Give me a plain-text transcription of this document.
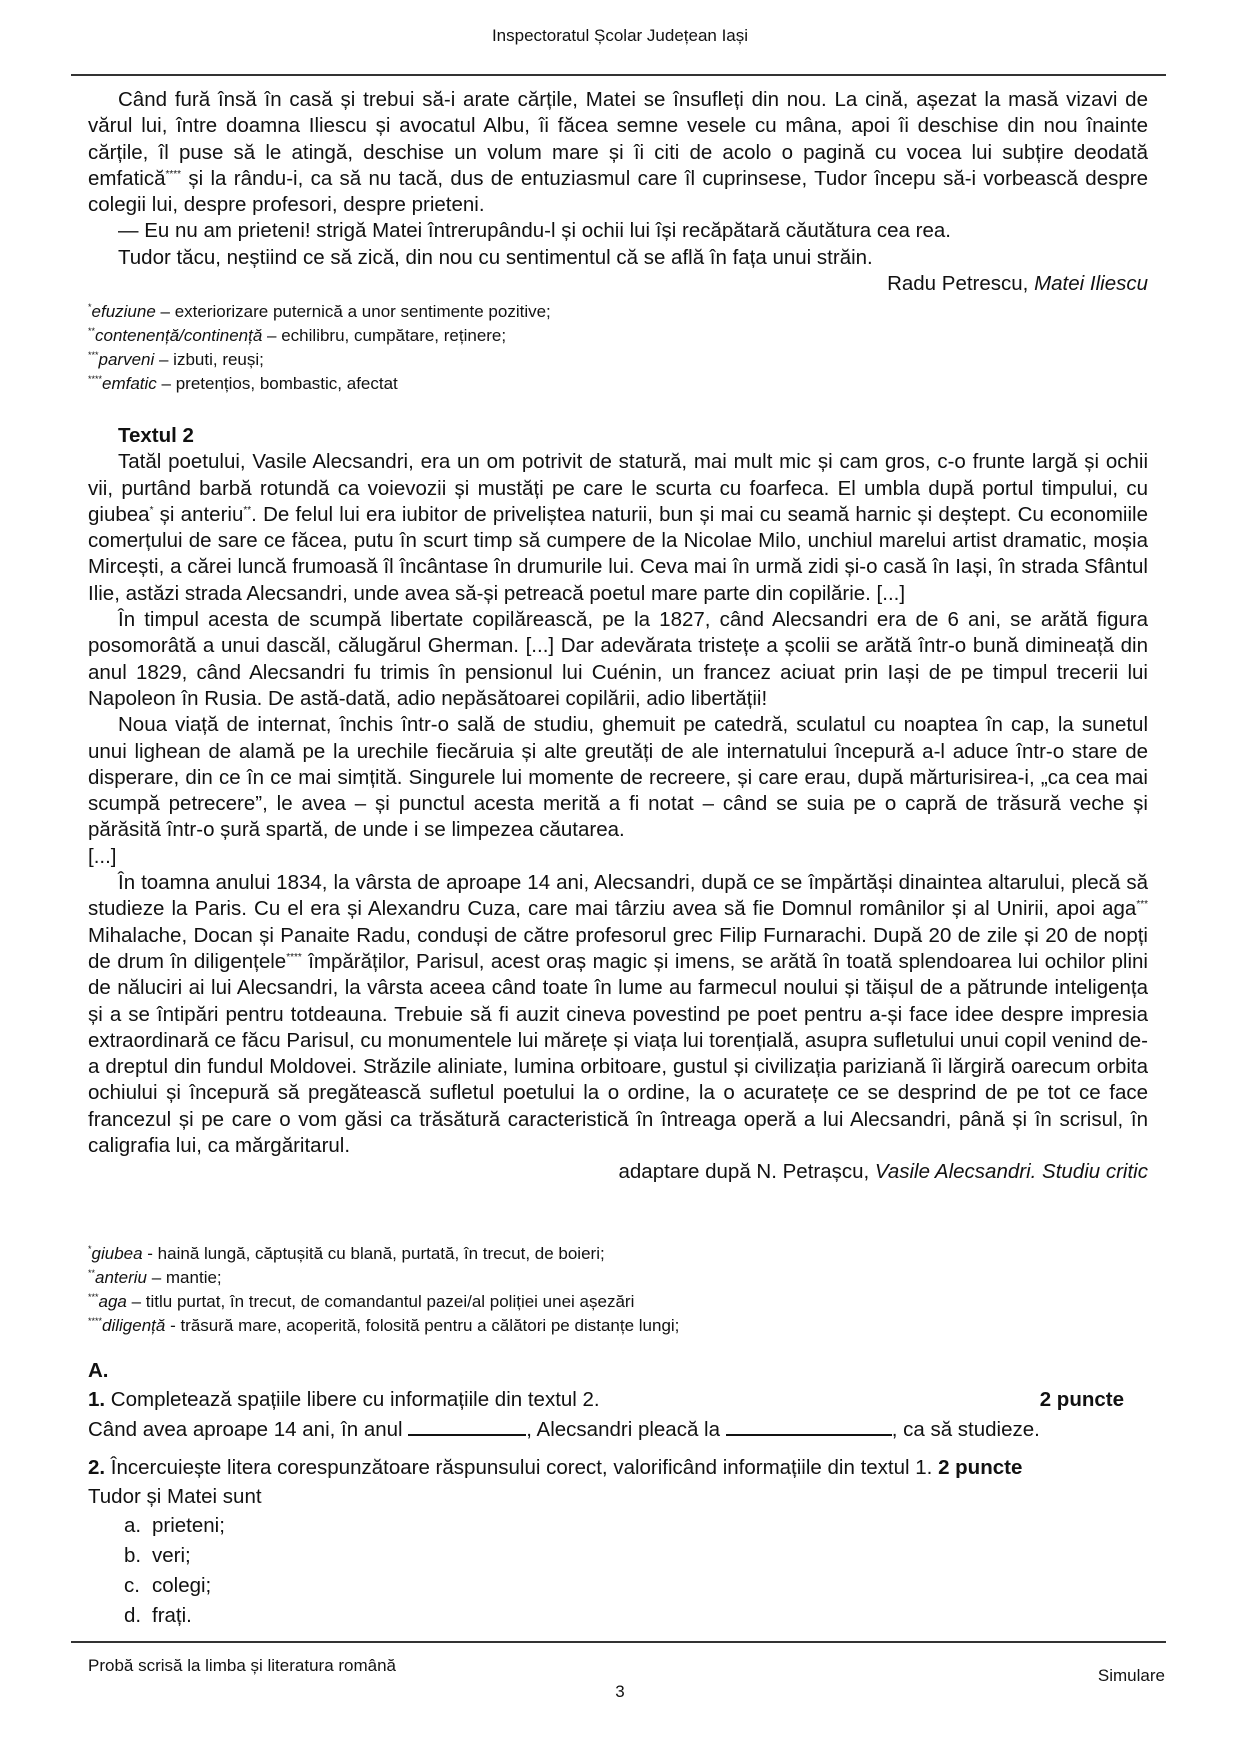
Inspectoratul Școlar Județean Iași

Când fură însă în casă și trebui să-i arate cărțile, Matei se însufleți din nou. La cină, așezat la masă vizavi de vărul lui, între doamna Iliescu și avocatul Albu, îi făcea semne vesele cu mâna, apoi îi deschise din nou înainte cărțile, îl puse să le atingă, deschise un volum mare și îi citi de acolo o pagină cu vocea lui subțire deodată emfatică**** și la rându-i, ca să nu tacă, dus de entuziasmul care îl cuprinsese, Tudor începu să-i vorbească despre colegii lui, despre profesori, despre prieteni.

— Eu nu am prieteni! strigă Matei întrerupându-l și ochii lui își recăpătară căutătura cea rea.

Tudor tăcu, neștiind ce să zică, din nou cu sentimentul că se află în fața unui străin.

Radu Petrescu, Matei Iliescu

*efuziune – exteriorizare puternică a unor sentimente pozitive;
**contenență/continență – echilibru, cumpătare, reținere;
***parveni – izbuti, reuși;
****emfatic – pretențios, bombastic, afectat

Textul 2

Tatăl poetului, Vasile Alecsandri, era un om potrivit de statură, mai mult mic și cam gros, c-o frunte largă și ochii vii, purtând barbă rotundă ca voievozii și mustăți pe care le scurta cu foarfeca. El umbla după portul timpului, cu giubea* și anteriu**. De felul lui era iubitor de priveliștea naturii, bun și mai cu seamă harnic și deștept. Cu economiile comerțului de sare ce făcea, putu în scurt timp să cumpere de la Nicolae Milo, unchiul marelui artist dramatic, moșia Mircești, a cărei luncă frumoasă îl încântase în drumurile lui. Ceva mai în urmă zidi și-o casă în Iași, în strada Sfântul Ilie, astăzi strada Alecsandri, unde avea să-și petreacă poetul mare parte din copilărie. [...]

În timpul acesta de scumpă libertate copilărească, pe la 1827, când Alecsandri era de 6 ani, se arătă figura posomorâtă a unui dascăl, călugărul Gherman. [...] Dar adevărata tristețe a școlii se arătă într-o bună dimineață din anul 1829, când Alecsandri fu trimis în pensionul lui Cuénin, un francez aciuat prin Iași de pe timpul trecerii lui Napoleon în Rusia. De astă-dată, adio nepăsătoarei copilării, adio libertății!

Noua viață de internat, închis într-o sală de studiu, ghemuit pe catedră, sculatul cu noaptea în cap, la sunetul unui lighean de alamă pe la urechile fiecăruia și alte greutăți de ale internatului începură a-l aduce într-o stare de disperare, din ce în ce mai simțită. Singurele lui momente de recreere, și care erau, după mărturisirea-i, „ca cea mai scumpă petrecere”, le avea – și punctul acesta merită a fi notat – când se suia pe o capră de trăsură veche și părăsită într-o șură spartă, de unde i se limpezea căutarea.

[...]

În toamna anului 1834, la vârsta de aproape 14 ani, Alecsandri, după ce se împărtăși dinaintea altarului, plecă să studieze la Paris. Cu el era și Alexandru Cuza, care mai târziu avea să fie Domnul românilor și al Unirii, apoi aga*** Mihalache, Docan și Panaite Radu, conduși de către profesorul grec Filip Furnarachi. După 20 de zile și 20 de nopți de drum în diligențele**** împărăților, Parisul, acest oraș magic și imens, se arătă în toată splendoarea lui ochilor plini de năluciri ai lui Alecsandri, la vârsta aceea când toate în lume au farmecul noului și tăișul de a pătrunde inteligența și a se întipări pentru totdeauna. Trebuie să fi auzit cineva povestind pe poet pentru a-și face idee despre impresia extraordinară ce făcu Parisul, cu monumentele lui mărețe și viața lui torențială, asupra sufletului unui copil venind de-a dreptul din fundul Moldovei. Străzile aliniate, lumina orbitoare, gustul și civilizația pariziană îi lărgiră oarecum orbita ochiului și începură să pregătească sufletul poetului la o ordine, la o acuratețe ce se desprind de pe tot ce face francezul și pe care o vom găsi ca trăsătură caracteristică în întreaga operă a lui Alecsandri, până și în scrisul, în caligrafia lui, ca mărgăritarul.

adaptare după N. Petrașcu, Vasile Alecsandri. Studiu critic

*giubea - haină lungă, căptușită cu blană, purtată, în trecut, de boieri;
**anteriu – mantie;
***aga – titlu purtat, în trecut, de comandantul pazei/al poliției unei așezări
****diligență - trăsură mare, acoperită, folosită pentru a călători pe distanțe lungi;
A.
1. Completează spațiile libere cu informațiile din textul 2.	2 puncte
Când avea aproape 14 ani, în anul	, Alecsandri pleacă la	, ca să studieze.
2. Încercuiește litera corespunzătoare răspunsului corect, valorificând informațiile din textul 1. 2 puncte
Tudor și Matei sunt
a. prieteni;
b. veri;
c. colegi;
d. frați.
Probă scrisă la limba și literatura română
3
Simulare
